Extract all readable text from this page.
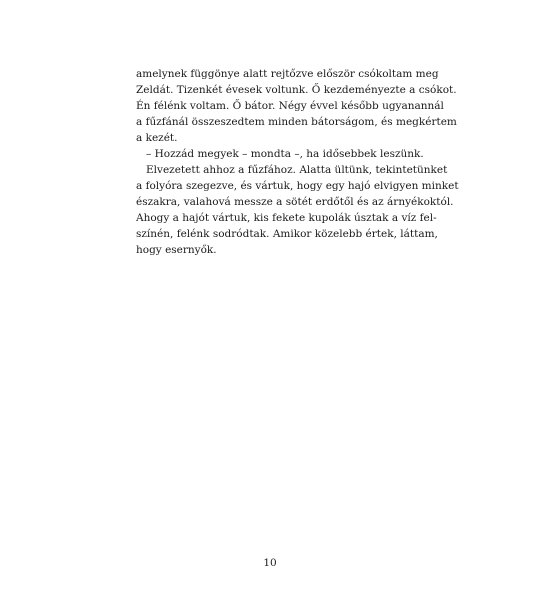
amelynek függönye alatt rejtőzve először csókoltam meg
Zeldát. Tizenkét évesek voltunk. Ő kezdeményezte a csókot.
Én félénk voltam. Ő bátor. Négy évvel később ugyanannál
a fűzfánál összeszedtem minden bátorságom, és megkértem
a kezét.
– Hozzád megyek – mondta –, ha idősebbek leszünk.
Elvezetett ahhoz a fűzfához. Alatta ültünk, tekintetünket
a folyóra szegezve, és vártuk, hogy egy hajó elvigyen minket
északra, valahová messze a sötét erdőtől és az árnyékoktól.
Ahogy a hajót vártuk, kis fekete kupolák úsztak a víz fel-
színén, felénk sodródtak. Amikor közelebb értek, láttam,
hogy esernyők.
10
